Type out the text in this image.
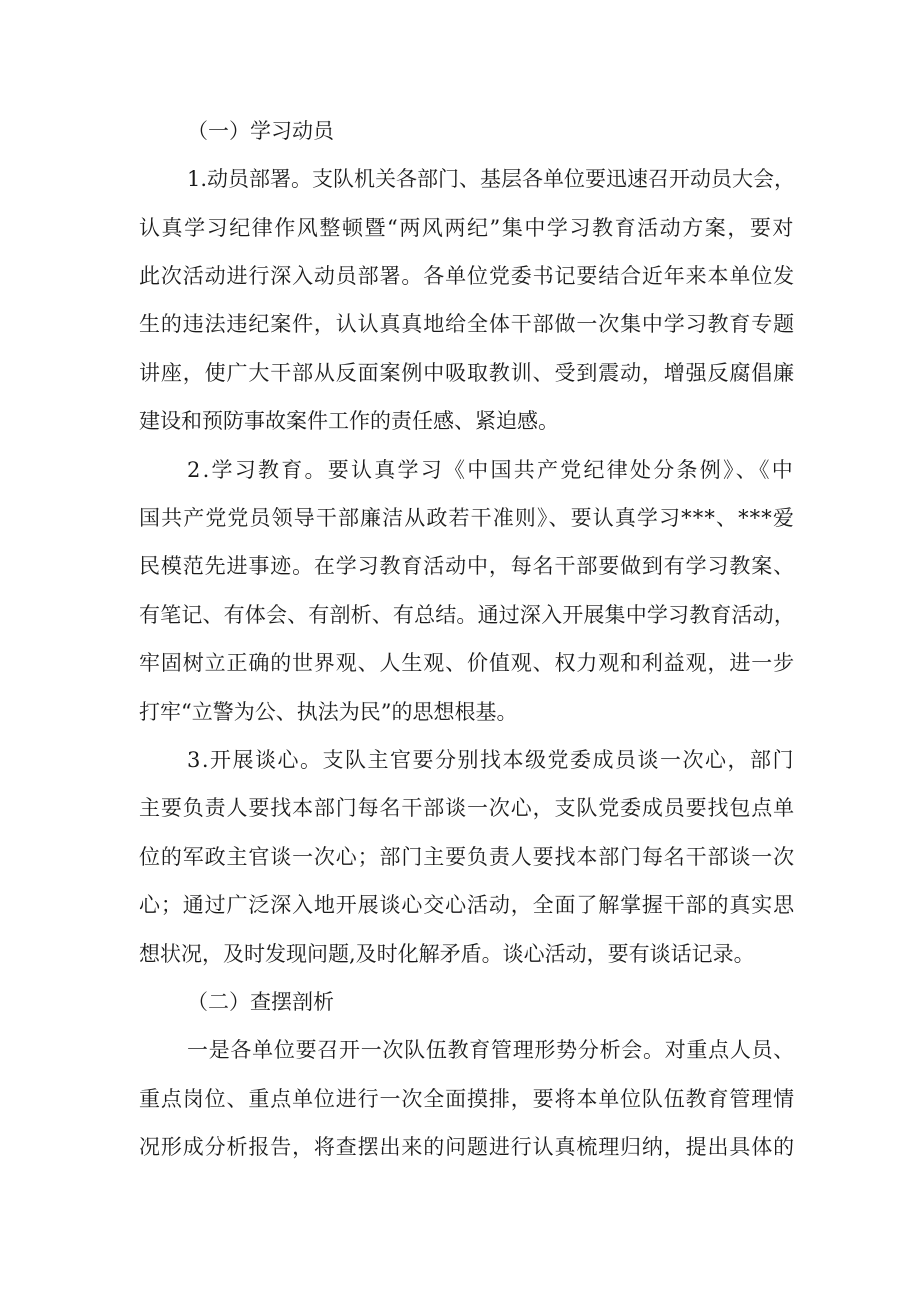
（一）学习动员
1.动员部署。支队机关各部门、基层各单位要迅速召开动员大会，
认真学习纪律作风整顿暨“两风两纪”集中学习教育活动方案，要对
此次活动进行深入动员部署。各单位党委书记要结合近年来本单位发
生的违法违纪案件，认认真真地给全体干部做一次集中学习教育专题
讲座，使广大干部从反面案例中吸取教训、受到震动，增强反腐倡廉
建设和预防事故案件工作的责任感、紧迫感。
2.学习教育。要认真学习《中国共产党纪律处分条例》、《中
国共产党党员领导干部廉洁从政若干准则》、要认真学习***、***爱
民模范先进事迹。在学习教育活动中，每名干部要做到有学习教案、
有笔记、有体会、有剖析、有总结。通过深入开展集中学习教育活动，
牢固树立正确的世界观、人生观、价值观、权力观和利益观，进一步
打牢“立警为公、执法为民”的思想根基。
3.开展谈心。支队主官要分别找本级党委成员谈一次心，部门
主要负责人要找本部门每名干部谈一次心，支队党委成员要找包点单
位的军政主官谈一次心；部门主要负责人要找本部门每名干部谈一次
心；通过广泛深入地开展谈心交心活动，全面了解掌握干部的真实思
想状况，及时发现问题,及时化解矛盾。谈心活动，要有谈话记录。
（二）查摆剖析
一是各单位要召开一次队伍教育管理形势分析会。对重点人员、
重点岗位、重点单位进行一次全面摸排，要将本单位队伍教育管理情
况形成分析报告，将查摆出来的问题进行认真梳理归纳，提出具体的
